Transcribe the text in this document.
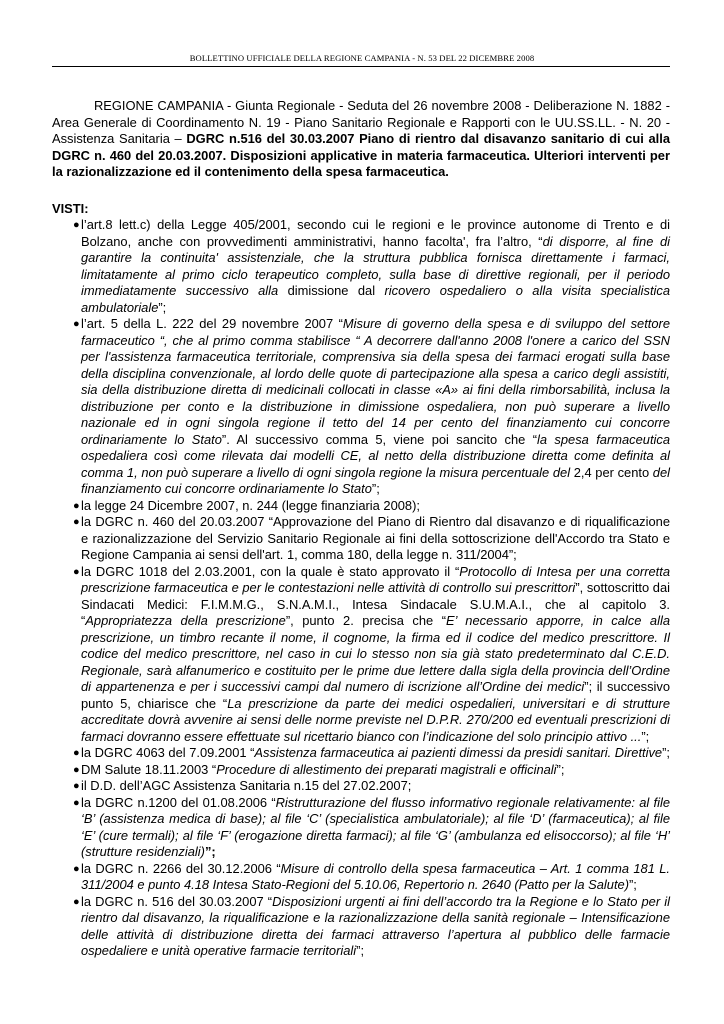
BOLLETTINO UFFICIALE DELLA REGIONE CAMPANIA - N. 53 DEL 22 DICEMBRE 2008

REGIONE CAMPANIA - Giunta Regionale - Seduta del 26 novembre 2008 - Deliberazione N. 1882 - Area Generale di Coordinamento N. 19 - Piano Sanitario Regionale e Rapporti con le UU.SS.LL. - N. 20 - Assistenza Sanitaria – DGRC n.516 del 30.03.2007 Piano di rientro dal disavanzo sanitario di cui alla DGRC n. 460 del 20.03.2007. Disposizioni applicative in materia farmaceutica. Ulteriori interventi per la razionalizzazione ed il contenimento della spesa farmaceutica.

VISTI:

● l’art.8 lett.c) della Legge 405/2001, secondo cui le regioni e le province autonome di Trento e di Bolzano, anche con provvedimenti amministrativi, hanno facolta', fra l’altro, “di disporre, al fine di garantire la continuita' assistenziale, che la struttura pubblica fornisca direttamente i farmaci, limitatamente al primo ciclo terapeutico completo, sulla base di direttive regionali, per il periodo immediatamente successivo alla dimissione dal ricovero ospedaliero o alla visita specialistica ambulatoriale”;
● l’art. 5 della L. 222 del 29 novembre 2007 “Misure di governo della spesa e di sviluppo del settore farmaceutico “, che al primo comma stabilisce “ A decorrere dall'anno 2008 l'onere a carico del SSN per l'assistenza farmaceutica territoriale, comprensiva sia della spesa dei farmaci erogati sulla base della disciplina convenzionale, al lordo delle quote di partecipazione alla spesa a carico degli assistiti, sia della distribuzione diretta di medicinali collocati in classe «A» ai fini della rimborsabilità, inclusa la distribuzione per conto e la distribuzione in dimissione ospedaliera, non può superare a livello nazionale ed in ogni singola regione il tetto del 14 per cento del finanziamento cui concorre ordinariamente lo Stato”. Al successivo comma 5, viene poi sancito che “la spesa farmaceutica ospedaliera così come rilevata dai modelli CE, al netto della distribuzione diretta come definita al comma 1, non può superare a livello di ogni singola regione la misura percentuale del 2,4 per cento del finanziamento cui concorre ordinariamente lo Stato”;
● la legge 24 Dicembre 2007, n. 244 (legge finanziaria 2008);
● la DGRC n. 460 del 20.03.2007 “Approvazione del Piano di Rientro dal disavanzo e di riqualificazione e razionalizzazione del Servizio Sanitario Regionale ai fini della sottoscrizione dell'Accordo tra Stato e Regione Campania ai sensi dell'art. 1, comma 180, della legge n. 311/2004”;
● la DGRC 1018 del 2.03.2001, con la quale è stato approvato il “Protocollo di Intesa per una corretta prescrizione farmaceutica e per le contestazioni nelle attività di controllo sui prescrittori”, sottoscritto dai Sindacati Medici: F.I.M.M.G., S.N.A.M.I., Intesa Sindacale S.U.M.A.I., che al capitolo 3. “Appropriatezza della prescrizione”, punto 2. precisa che “E’ necessario apporre, in calce alla prescrizione, un timbro recante il nome, il cognome, la firma ed il codice del medico prescrittore. Il codice del medico prescrittore, nel caso in cui lo stesso non sia già stato predeterminato dal C.E.D. Regionale, sarà alfanumerico e costituito per le prime due lettere dalla sigla della provincia dell’Ordine di appartenenza e per i successivi campi dal numero di iscrizione all’Ordine dei medici”; il successivo punto 5, chiarisce che “La prescrizione da parte dei medici ospedalieri, universitari e di strutture accreditate dovrà avvenire ai sensi delle norme previste nel D.P.R. 270/200 ed eventuali prescrizioni di farmaci dovranno essere effettuate sul ricettario bianco con l’indicazione del solo principio attivo ...”;
● la DGRC 4063 del 7.09.2001 “Assistenza farmaceutica ai pazienti dimessi da presidi sanitari. Direttive”;
● DM Salute 18.11.2003 “Procedure di allestimento dei preparati magistrali e officinali”;
● il D.D. dell’AGC Assistenza Sanitaria n.15 del 27.02.2007;
● la DGRC n.1200 del 01.08.2006 “Ristrutturazione del flusso informativo regionale relativamente: al file ‘B’ (assistenza medica di base); al file ‘C’ (specialistica ambulatoriale); al file ‘D’ (farmaceutica); al file ‘E’ (cure termali); al file ‘F’ (erogazione diretta farmaci); al file ‘G’ (ambulanza ed elisoccorso); al file ‘H’ (strutture residenziali)”;
● la DGRC n. 2266 del 30.12.2006 “Misure di controllo della spesa farmaceutica – Art. 1 comma 181 L. 311/2004 e punto 4.18 Intesa Stato-Regioni del 5.10.06, Repertorio n. 2640 (Patto per la Salute)”;
● la DGRC n. 516 del 30.03.2007 “Disposizioni urgenti ai fini dell’accordo tra la Regione e lo Stato per il rientro dal disavanzo, la riqualificazione e la razionalizzazione della sanità regionale – Intensificazione delle attività di distribuzione diretta dei farmaci attraverso l’apertura al pubblico delle farmacie ospedaliere e unità operative farmacie territoriali”;
